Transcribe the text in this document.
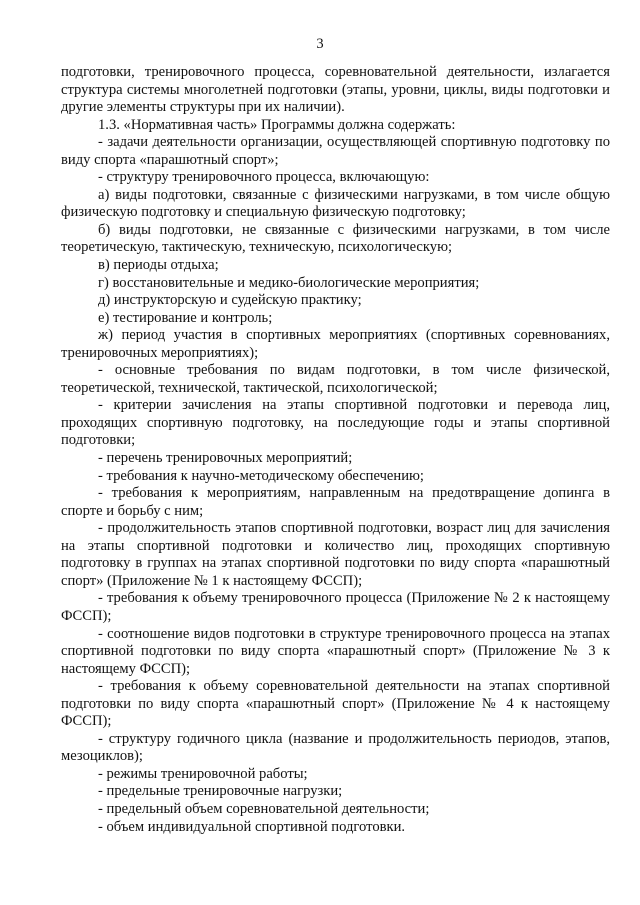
3

подготовки, тренировочного процесса, соревновательной деятельности, излагается структура системы многолетней подготовки (этапы, уровни, циклы, виды подготовки и другие элементы структуры при их наличии).

1.3. «Нормативная часть» Программы должна содержать:

- задачи деятельности организации, осуществляющей спортивную подготовку по виду спорта «парашютный спорт»;

- структуру тренировочного процесса, включающую:

а) виды подготовки, связанные с физическими нагрузками, в том числе общую физическую подготовку и специальную физическую подготовку;

б) виды подготовки, не связанные с физическими нагрузками, в том числе теоретическую, тактическую, техническую, психологическую;

в) периоды отдыха;

г) восстановительные и медико-биологические мероприятия;

д) инструкторскую и судейскую практику;

е) тестирование и контроль;

ж) период участия в спортивных мероприятиях (спортивных соревнованиях, тренировочных мероприятиях);

- основные требования по видам подготовки, в том числе физической, теоретической, технической, тактической, психологической;

- критерии зачисления на этапы спортивной подготовки и перевода лиц, проходящих спортивную подготовку, на последующие годы и этапы спортивной подготовки;

- перечень тренировочных мероприятий;

- требования к научно-методическому обеспечению;

- требования к мероприятиям, направленным на предотвращение допинга в спорте и борьбу с ним;

- продолжительность этапов спортивной подготовки, возраст лиц для зачисления на этапы спортивной подготовки и количество лиц, проходящих спортивную подготовку в группах на этапах спортивной подготовки по виду спорта «парашютный спорт» (Приложение № 1 к настоящему ФССП);

- требования к объему тренировочного процесса (Приложение № 2 к настоящему ФССП);

- соотношение видов подготовки в структуре тренировочного процесса на этапах спортивной подготовки по виду спорта «парашютный спорт» (Приложение № 3 к настоящему ФССП);

- требования к объему соревновательной деятельности на этапах спортивной подготовки по виду спорта «парашютный спорт» (Приложение № 4 к настоящему ФССП);

- структуру годичного цикла (название и продолжительность периодов, этапов, мезоциклов);

- режимы тренировочной работы;

- предельные тренировочные нагрузки;

- предельный объем соревновательной деятельности;

- объем индивидуальной спортивной подготовки.
